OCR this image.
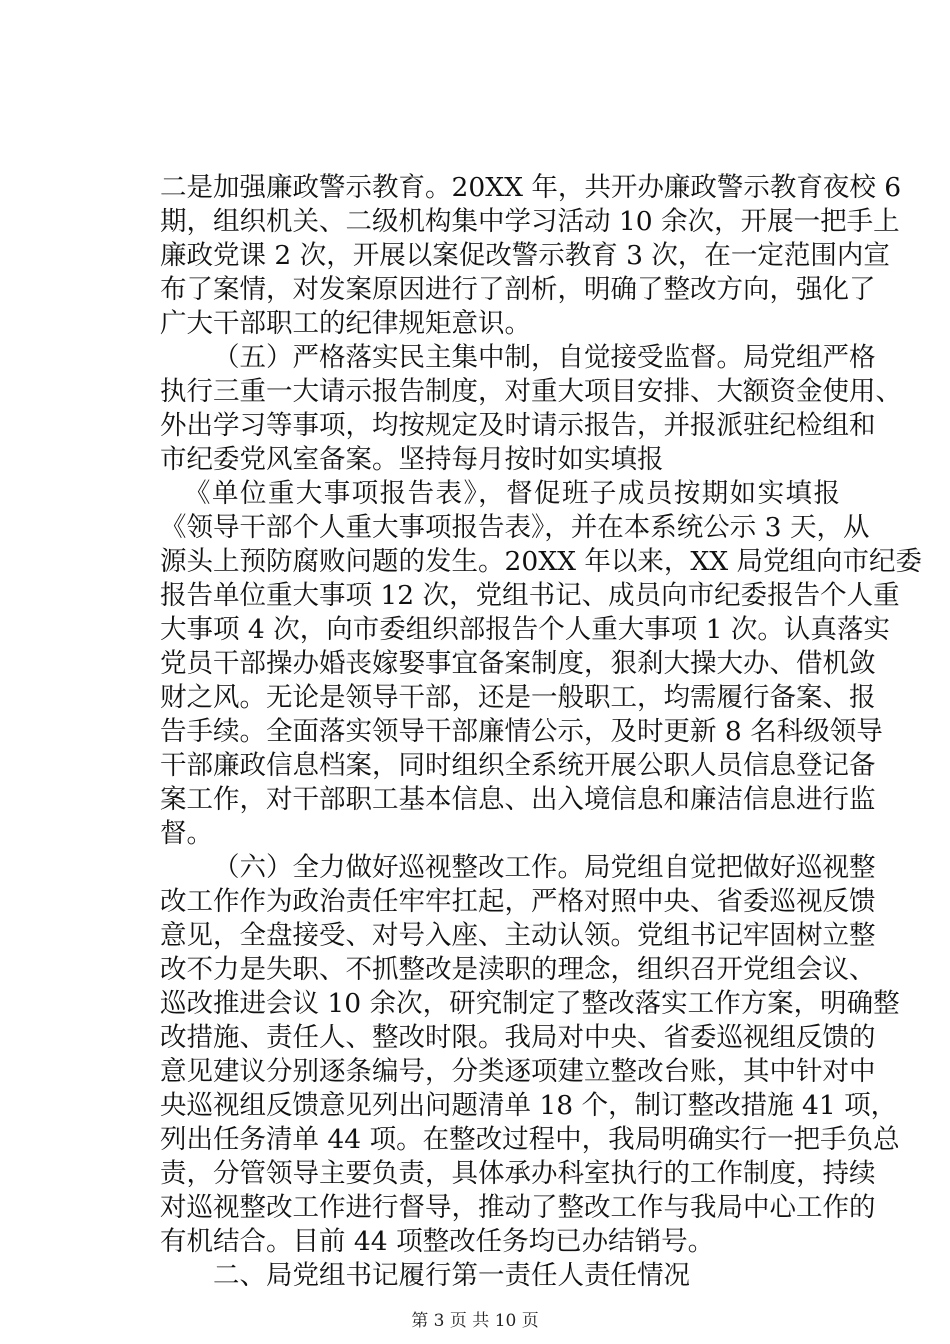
二是加强廉政警示教育。20XX 年，共开办廉政警示教育夜校 6
期，组织机关、二级机构集中学习活动 10 余次，开展一把手上
廉政党课 2 次，开展以案促改警示教育 3 次，在一定范围内宣
布了案情，对发案原因进行了剖析，明确了整改方向，强化了
广大干部职工的纪律规矩意识。
（五）严格落实民主集中制，自觉接受监督。局党组严格
执行三重一大请示报告制度，对重大项目安排、大额资金使用、
外出学习等事项，均按规定及时请示报告，并报派驻纪检组和
市纪委党风室备案。坚持每月按时如实填报
《单位重大事项报告表》，督促班子成员按期如实填报
《领导干部个人重大事项报告表》，并在本系统公示 3 天，从
源头上预防腐败问题的发生。20XX 年以来，XX 局党组向市纪委
报告单位重大事项 12 次，党组书记、成员向市纪委报告个人重
大事项 4 次，向市委组织部报告个人重大事项 1 次。认真落实
党员干部操办婚丧嫁娶事宜备案制度，狠刹大操大办、借机敛
财之风。无论是领导干部，还是一般职工，均需履行备案、报
告手续。全面落实领导干部廉情公示，及时更新 8 名科级领导
干部廉政信息档案，同时组织全系统开展公职人员信息登记备
案工作，对干部职工基本信息、出入境信息和廉洁信息进行监
督。
（六）全力做好巡视整改工作。局党组自觉把做好巡视整
改工作作为政治责任牢牢扛起，严格对照中央、省委巡视反馈
意见，全盘接受、对号入座、主动认领。党组书记牢固树立整
改不力是失职、不抓整改是渎职的理念，组织召开党组会议、
巡改推进会议 10 余次，研究制定了整改落实工作方案，明确整
改措施、责任人、整改时限。我局对中央、省委巡视组反馈的
意见建议分别逐条编号，分类逐项建立整改台账，其中针对中
央巡视组反馈意见列出问题清单 18 个，制订整改措施 41 项，
列出任务清单 44 项。在整改过程中，我局明确实行一把手负总
责，分管领导主要负责，具体承办科室执行的工作制度，持续
对巡视整改工作进行督导，推动了整改工作与我局中心工作的
有机结合。目前 44 项整改任务均已办结销号。
二、局党组书记履行第一责任人责任情况
第 3 页 共 10 页
